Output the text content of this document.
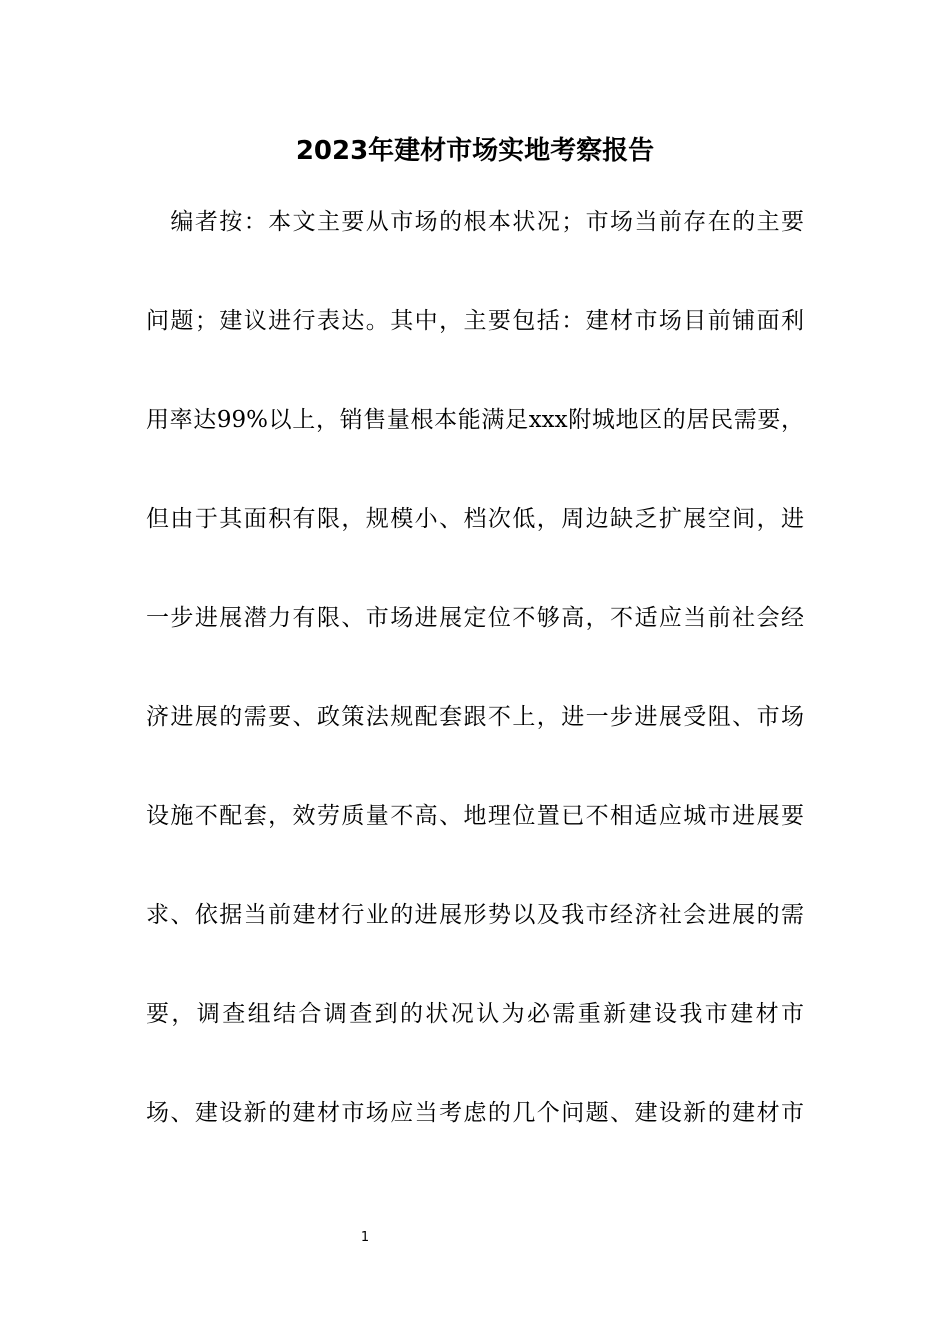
2023年建材市场实地考察报告
　编者按：本文主要从市场的根本状况；市场当前存在的主要
问题；建议进行表达。其中，主要包括：建材市场目前铺面利
用率达99%以上，销售量根本能满足xxx附城地区的居民需要，
但由于其面积有限，规模小、档次低，周边缺乏扩展空间，进
一步进展潜力有限、市场进展定位不够高，不适应当前社会经
济进展的需要、政策法规配套跟不上，进一步进展受阻、市场
设施不配套，效劳质量不高、地理位置已不相适应城市进展要
求、依据当前建材行业的进展形势以及我市经济社会进展的需
要，调查组结合调查到的状况认为必需重新建设我市建材市
场、建设新的建材市场应当考虑的几个问题、建设新的建材市
1
